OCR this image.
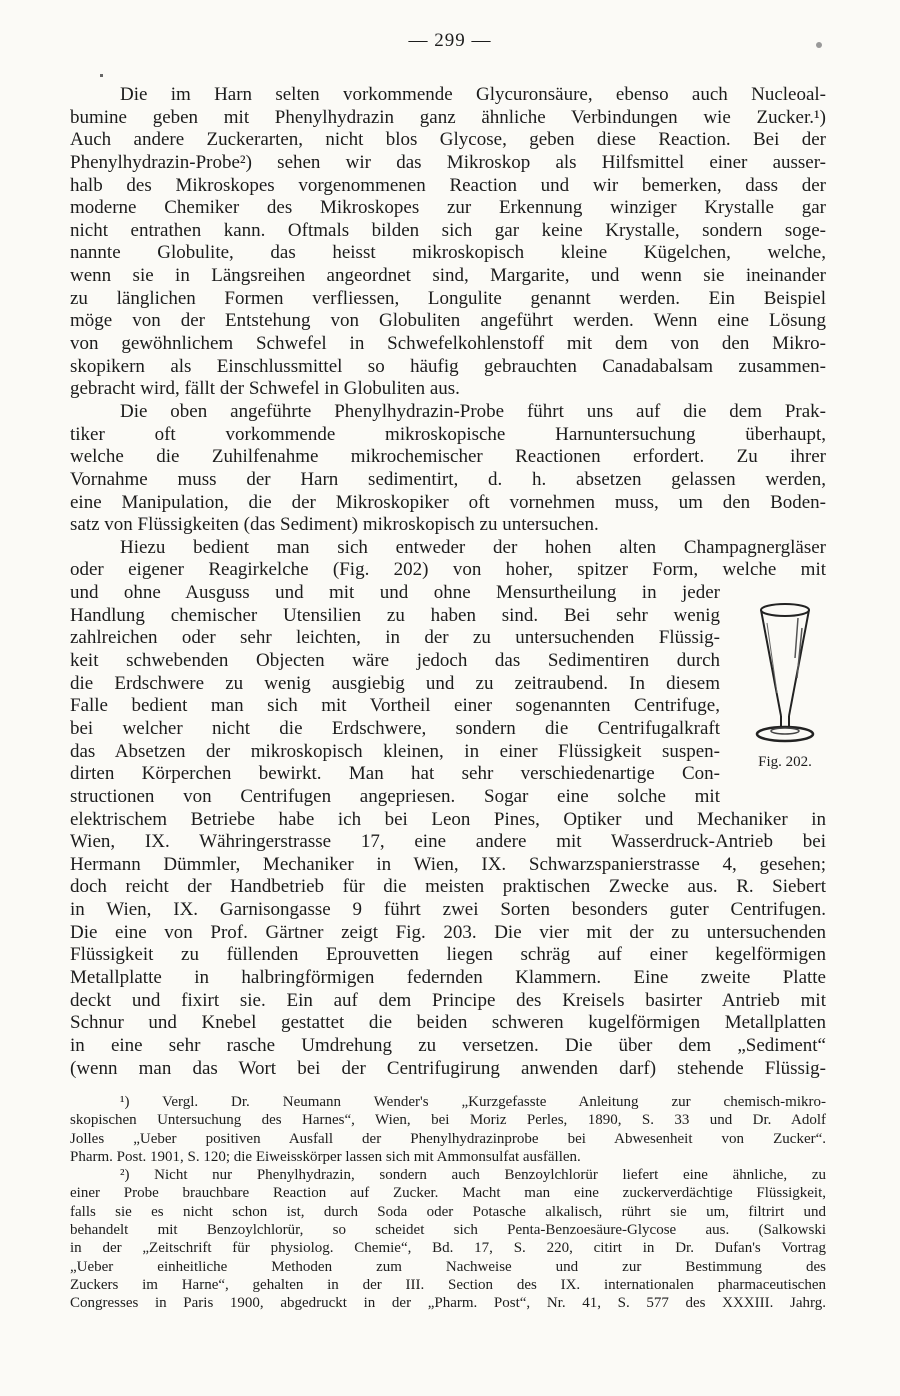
— 299 —
Die im Harn selten vorkommende Glycuronsäure, ebenso auch Nucleoal-
bumine geben mit Phenylhydrazin ganz ähnliche Verbindungen wie Zucker.¹)
Auch andere Zuckerarten, nicht blos Glycose, geben diese Reaction. Bei der
Phenylhydrazin-Probe²) sehen wir das Mikroskop als Hilfsmittel einer ausser-
halb des Mikroskopes vorgenommenen Reaction und wir bemerken, dass der
moderne Chemiker des Mikroskopes zur Erkennung winziger Krystalle gar
nicht entrathen kann. Oftmals bilden sich gar keine Krystalle, sondern soge-
nannte Globulite, das heisst mikroskopisch kleine Kügelchen, welche,
wenn sie in Längsreihen angeordnet sind, Margarite, und wenn sie ineinander
zu länglichen Formen verfliessen, Longulite genannt werden. Ein Beispiel
möge von der Entstehung von Globuliten angeführt werden. Wenn eine Lösung
von gewöhnlichem Schwefel in Schwefelkohlenstoff mit dem von den Mikro-
skopikern als Einschlussmittel so häufig gebrauchten Canadabalsam zusammen-
gebracht wird, fällt der Schwefel in Globuliten aus.
Die oben angeführte Phenylhydrazin-Probe führt uns auf die dem Prak-
tiker oft vorkommende mikroskopische Harnuntersuchung überhaupt,
welche die Zuhilfenahme mikrochemischer Reactionen erfordert. Zu ihrer
Vornahme muss der Harn sedimentirt, d. h. absetzen gelassen werden,
eine Manipulation, die der Mikroskopiker oft vornehmen muss, um den Boden-
satz von Flüssigkeiten (das Sediment) mikroskopisch zu untersuchen.
Hiezu bedient man sich entweder der hohen alten Champagnergläser
oder eigener Reagirkelche (Fig. 202) von hoher, spitzer Form, welche mit
und ohne Ausguss und mit und ohne Mensurtheilung in jeder
Handlung chemischer Utensilien zu haben sind. Bei sehr wenig
zahlreichen oder sehr leichten, in der zu untersuchenden Flüssig-
keit schwebenden Objecten wäre jedoch das Sedimentiren durch
die Erdschwere zu wenig ausgiebig und zu zeitraubend. In diesem
Falle bedient man sich mit Vortheil einer sogenannten Centrifuge,
bei welcher nicht die Erdschwere, sondern die Centrifugalkraft
das Absetzen der mikroskopisch kleinen, in einer Flüssigkeit suspen-
dirten Körperchen bewirkt. Man hat sehr verschiedenartige Con-
structionen von Centrifugen angepriesen. Sogar eine solche mit
elektrischem Betriebe habe ich bei Leon Pines, Optiker und Mechaniker in
Wien, IX. Währingerstrasse 17, eine andere mit Wasserdruck-Antrieb bei
Hermann Dümmler, Mechaniker in Wien, IX. Schwarzspanierstrasse 4, gesehen;
doch reicht der Handbetrieb für die meisten praktischen Zwecke aus. R. Siebert
in Wien, IX. Garnisongasse 9 führt zwei Sorten besonders guter Centrifugen.
Die eine von Prof. Gärtner zeigt Fig. 203. Die vier mit der zu untersuchenden
Flüssigkeit zu füllenden Eprouvetten liegen schräg auf einer kegelförmigen
Metallplatte in halbringförmigen federnden Klammern. Eine zweite Platte
deckt und fixirt sie. Ein auf dem Principe des Kreisels basirter Antrieb mit
Schnur und Knebel gestattet die beiden schweren kugelförmigen Metallplatten
in eine sehr rasche Umdrehung zu versetzen. Die über dem „Sediment“
(wenn man das Wort bei der Centrifugirung anwenden darf) stehende Flüssig-
Fig. 202.
¹) Vergl. Dr. Neumann Wender's „Kurzgefasste Anleitung zur chemisch-mikro-
skopischen Untersuchung des Harnes“, Wien, bei Moriz Perles, 1890, S. 33 und Dr. Adolf
Jolles „Ueber positiven Ausfall der Phenylhydrazinprobe bei Abwesenheit von Zucker“.
Pharm. Post. 1901, S. 120; die Eiweisskörper lassen sich mit Ammonsulfat ausfällen.
²) Nicht nur Phenylhydrazin, sondern auch Benzoylchlorür liefert eine ähnliche, zu
einer Probe brauchbare Reaction auf Zucker. Macht man eine zuckerverdächtige Flüssigkeit,
falls sie es nicht schon ist, durch Soda oder Potasche alkalisch, rührt sie um, filtrirt und
behandelt mit Benzoylchlorür, so scheidet sich Penta-Benzoesäure-Glycose aus. (Salkowski
in der „Zeitschrift für physiolog. Chemie“, Bd. 17, S. 220, citirt in Dr. Dufan's Vortrag
„Ueber einheitliche Methoden zum Nachweise und zur Bestimmung des
Zuckers im Harne“, gehalten in der III. Section des IX. internationalen pharmaceutischen
Congresses in Paris 1900, abgedruckt in der „Pharm. Post“, Nr. 41, S. 577 des XXXIII. Jahrg.
